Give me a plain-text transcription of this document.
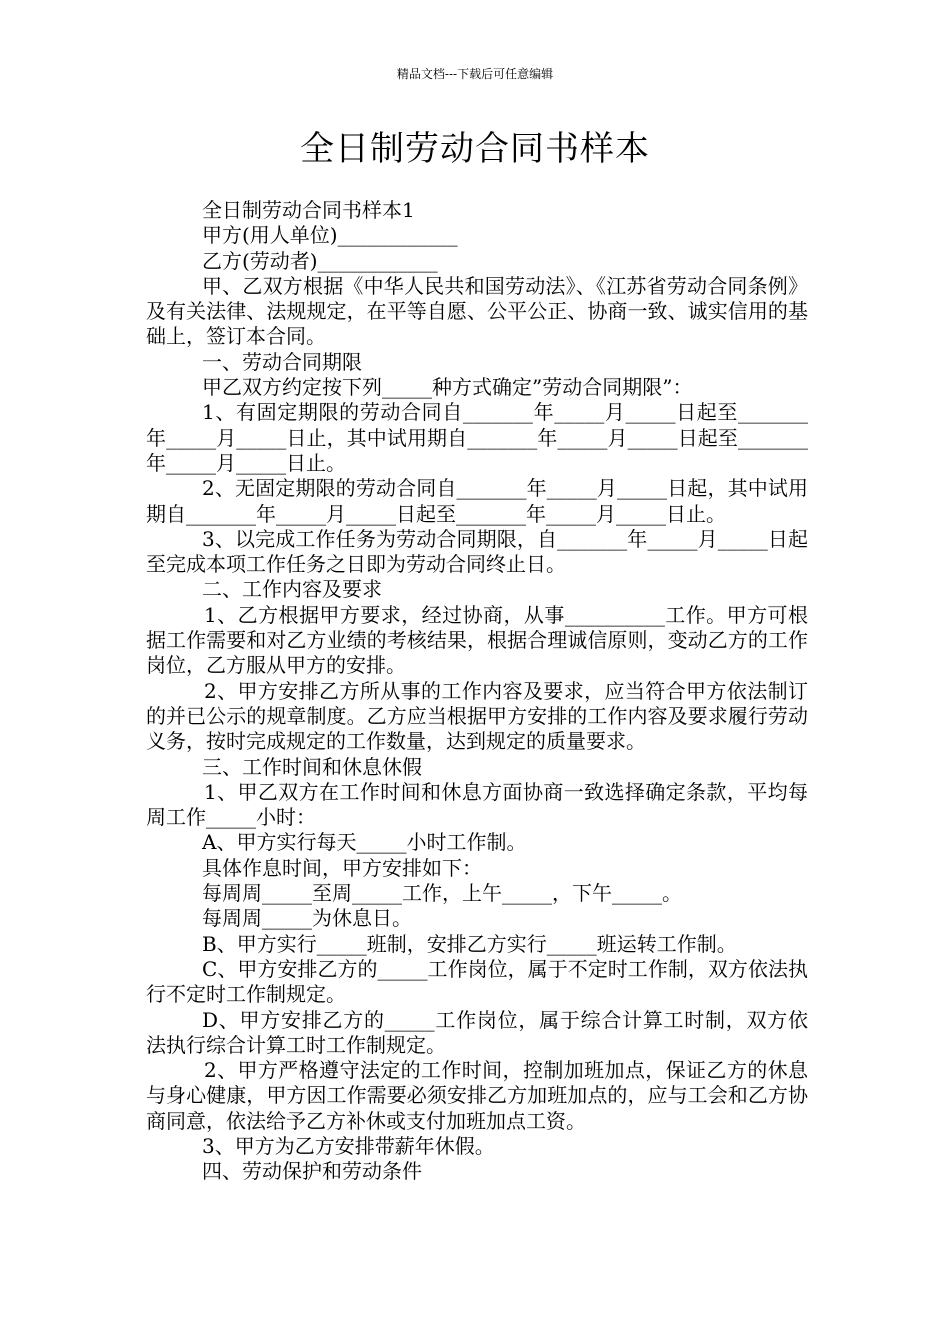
精品文档---下载后可任意编辑
全日制劳动合同书样本

全日制劳动合同书样本1

甲方(用人单位)____________

乙方(劳动者)____________

甲、乙双方根据《中华人民共和国劳动法》、《江苏省劳动合同条例》及有关法律、法规规定，在平等自愿、公平公正、协商一致、诚实信用的基础上，签订本合同。

一、劳动合同期限

甲乙双方约定按下列_____种方式确定”劳动合同期限”：

1、有固定期限的劳动合同自_______年_____月_____日起至_______年_____月_____日止，其中试用期自_______年_____月_____日起至_______年_____月_____日止。

2、无固定期限的劳动合同自_______年_____月_____日起，其中试用期自_______年_____月_____日起至_______年_____月_____日止。

3、以完成工作任务为劳动合同期限，自_______年_____月_____日起至完成本项工作任务之日即为劳动合同终止日。

二、工作内容及要求

1、乙方根据甲方要求，经过协商，从事__________工作。甲方可根据工作需要和对乙方业绩的考核结果，根据合理诚信原则，变动乙方的工作岗位，乙方服从甲方的安排。

2、甲方安排乙方所从事的工作内容及要求，应当符合甲方依法制订的并已公示的规章制度。乙方应当根据甲方安排的工作内容及要求履行劳动义务，按时完成规定的工作数量，达到规定的质量要求。

三、工作时间和休息休假

1、甲乙双方在工作时间和休息方面协商一致选择确定条款，平均每周工作_____小时：

A、甲方实行每天_____小时工作制。

具体作息时间，甲方安排如下：

每周周_____至周_____工作，上午_____，下午_____。

每周周_____为休息日。

B、甲方实行_____班制，安排乙方实行_____班运转工作制。

C、甲方安排乙方的_____工作岗位，属于不定时工作制，双方依法执行不定时工作制规定。

D、甲方安排乙方的_____工作岗位，属于综合计算工时制，双方依法执行综合计算工时工作制规定。

2、甲方严格遵守法定的工作时间，控制加班加点，保证乙方的休息与身心健康，甲方因工作需要必须安排乙方加班加点的，应与工会和乙方协商同意，依法给予乙方补休或支付加班加点工资。

3、甲方为乙方安排带薪年休假。

四、劳动保护和劳动条件
